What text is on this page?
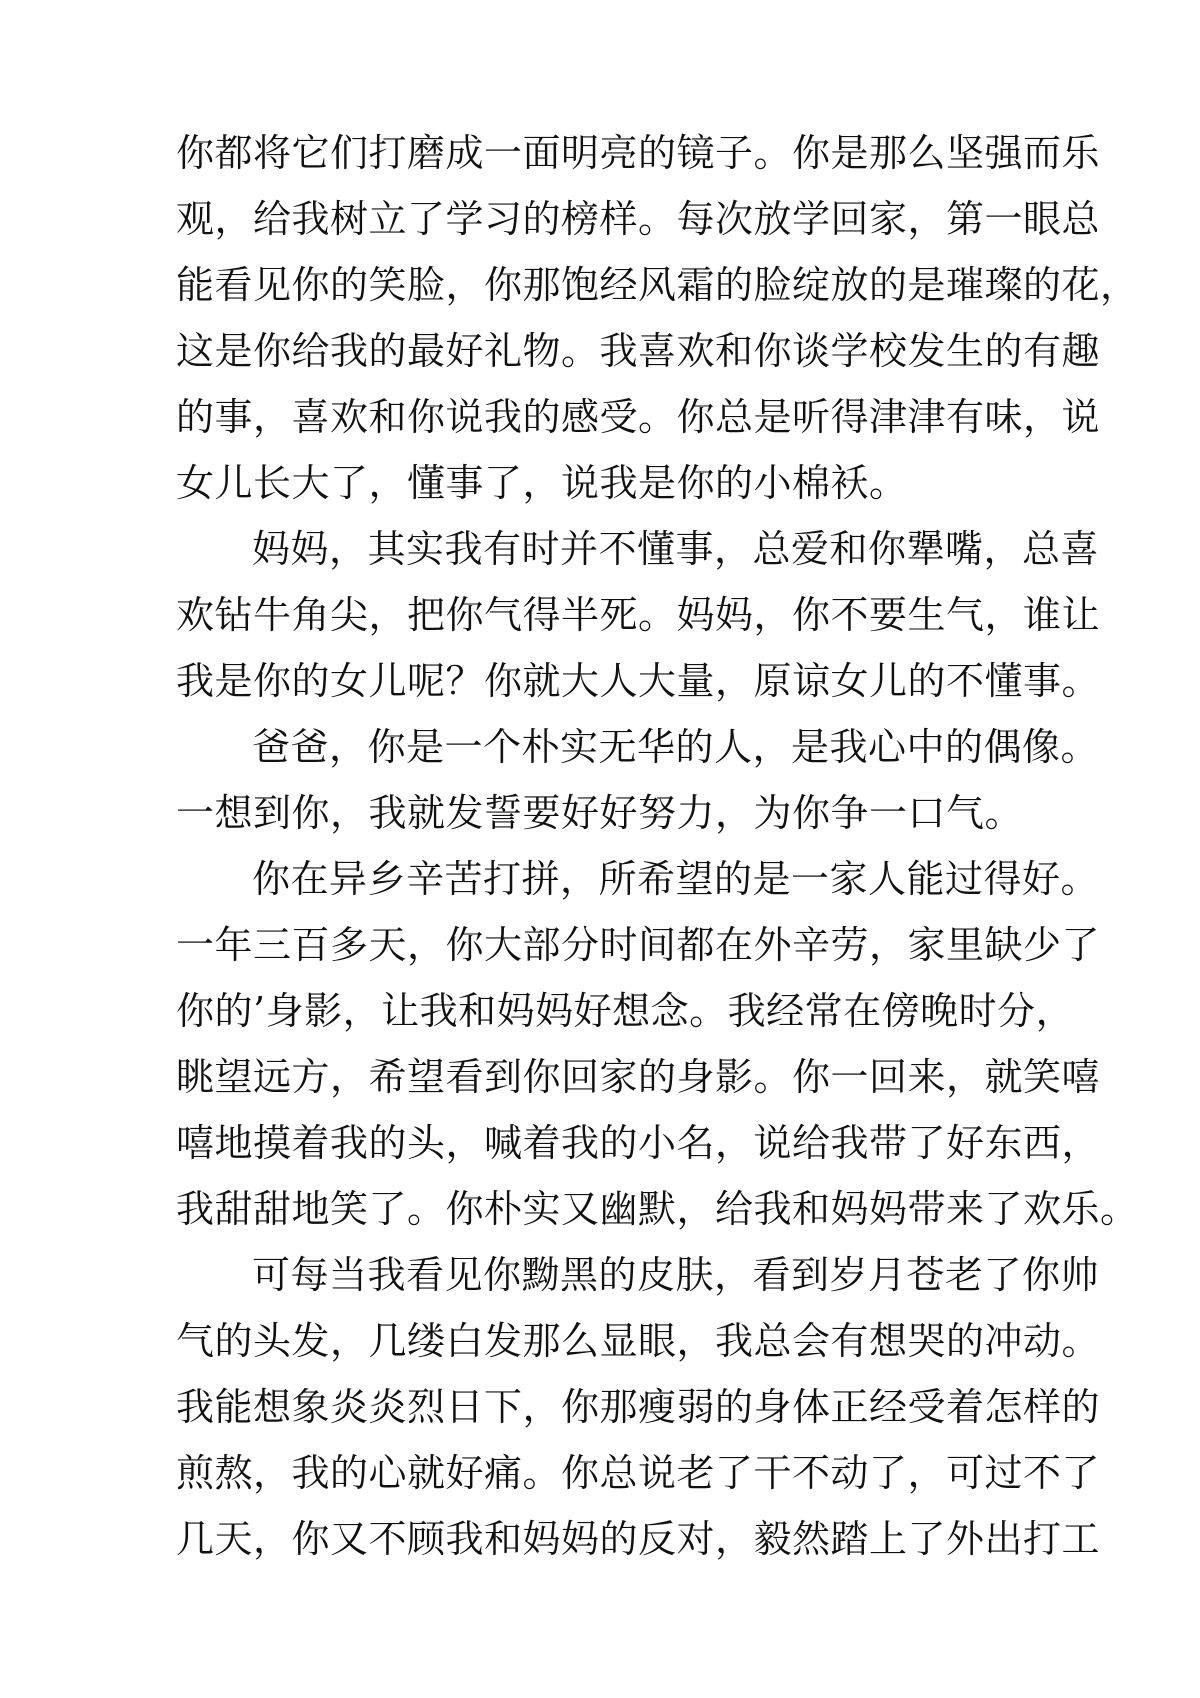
你都将它们打磨成一面明亮的镜子。你是那么坚强而乐
观，给我树立了学习的榜样。每次放学回家，第一眼总
能看见你的笑脸，你那饱经风霜的脸绽放的是璀璨的花，
这是你给我的最好礼物。我喜欢和你谈学校发生的有趣
的事，喜欢和你说我的感受。你总是听得津津有味，说
女儿长大了，懂事了，说我是你的小棉袄。
妈妈，其实我有时并不懂事，总爱和你犟嘴，总喜
欢钻牛角尖，把你气得半死。妈妈，你不要生气，谁让
我是你的女儿呢？你就大人大量，原谅女儿的不懂事。
爸爸，你是一个朴实无华的人，是我心中的偶像。
一想到你，我就发誓要好好努力，为你争一口气。
你在异乡辛苦打拼，所希望的是一家人能过得好。
一年三百多天，你大部分时间都在外辛劳，家里缺少了
你的’身影，让我和妈妈好想念。我经常在傍晚时分，
眺望远方，希望看到你回家的身影。你一回来，就笑嘻
嘻地摸着我的头，喊着我的小名，说给我带了好东西，
我甜甜地笑了。你朴实又幽默，给我和妈妈带来了欢乐。
可每当我看见你黝黑的皮肤，看到岁月苍老了你帅
气的头发，几缕白发那么显眼，我总会有想哭的冲动。
我能想象炎炎烈日下，你那瘦弱的身体正经受着怎样的
煎熬，我的心就好痛。你总说老了干不动了，可过不了
几天，你又不顾我和妈妈的反对，毅然踏上了外出打工
